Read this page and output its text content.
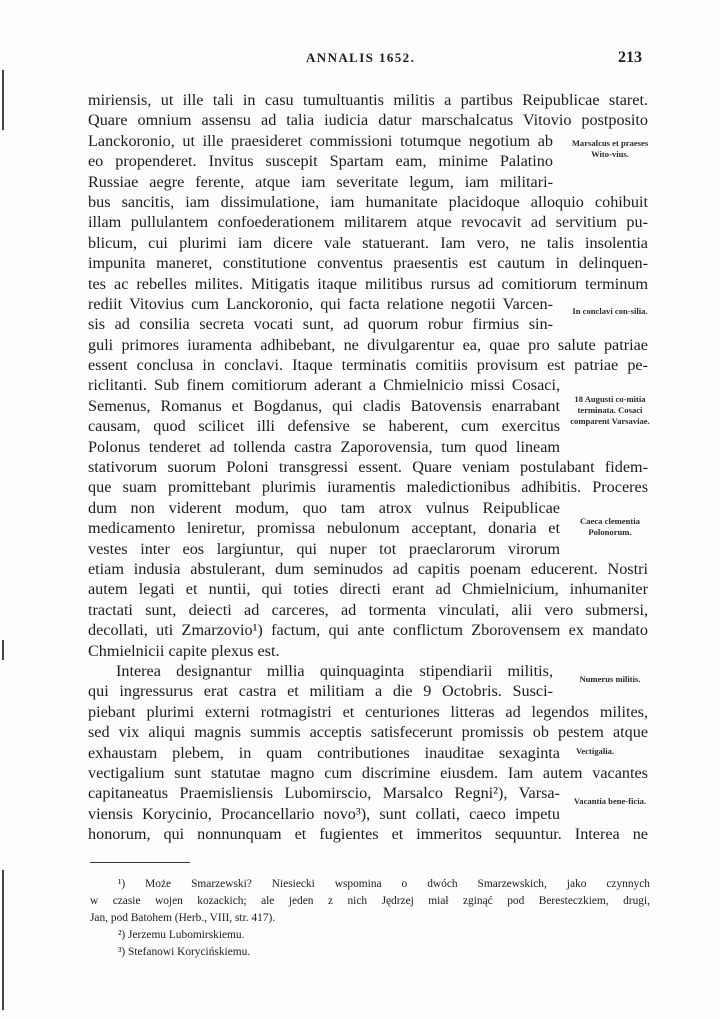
ANNALIS 1652.	213
miriensis, ut ille tali in casu tumultuantis militis a partibus Reipublicae staret.
Quare omnium assensu ad talia iudicia datur marschalcatus Vitovio postposito
Lanckoronio, ut ille praesideret commissioni totumque negotium ab
eo propenderet. Invitus suscepit Spartam eam, minime Palatino
Russiae aegre ferente, atque iam severitate legum, iam militari-
bus sancitis, iam dissimulatione, iam humanitate placidoque alloquio cohibuit
illam pullulantem confoederationem militarem atque revocavit ad servitium pu-
blicum, cui plurimi iam dicere vale statuerant. Iam vero, ne talis insolentia
impunita maneret, constitutione conventus praesentis est cautum in delinquen-
tes ac rebelles milites. Mitigatis itaque militibus rursus ad comitiorum terminum
rediit Vitovius cum Lanckoronio, qui facta relatione negotii Varcen-
sis ad consilia secreta vocati sunt, ad quorum robur firmius sin-
guli primores iuramenta adhibebant, ne divulgarentur ea, quae pro salute patriae
essent conclusa in conclavi. Itaque terminatis comitiis provisum est patriae pe-
riclitanti. Sub finem comitiorum aderant a Chmielnicio missi Cosaci,
Semenus, Romanus et Bogdanus, qui cladis Batovensis enarrabant
causam, quod scilicet illi defensive se haberent, cum exercitus
Polonus tenderet ad tollenda castra Zaporovensia, tum quod lineam
stativorum suorum Poloni transgressi essent. Quare veniam postulabant fidem-
que suam promittebant plurimis iuramentis maledictionibus adhibitis. Proceres
dum non viderent modum, quo tam atrox vulnus Reipublicae
medicamento leniretur, promissa nebulonum acceptant, donaria et
vestes inter eos largiuntur, qui nuper tot praeclarorum virorum
etiam indusia abstulerant, dum seminudos ad capitis poenam educerent. Nostri
autem legati et nuntii, qui toties directi erant ad Chmielnicium, inhumaniter
tractati sunt, deiecti ad carceres, ad tormenta vinculati, alii vero submersi,
decollati, uti Zmarzovio¹) factum, qui ante conflictum Zborovensem ex mandato
Chmielnicii capite plexus est.
Interea designantur millia quinquaginta stipendiarii militis,
qui ingressurus erat castra et militiam a die 9 Octobris. Susci-
piebant plurimi externi rotmagistri et centuriones litteras ad legendos milites,
sed vix aliqui magnis summis acceptis satisfecerunt promissis ob pestem atque
exhaustam plebem, in quam contributiones inauditae sexaginta
vectigalium sunt statutae magno cum discrimine eiusdem. Iam autem vacantes
capitaneatus Praemisliensis Lubomirscio, Marsalco Regni²), Varsa-
viensis Korycinio, Procancellario novo³), sunt collati, caeco impetu
honorum, qui nonnunquam et fugientes et immeritos sequuntur. Interea ne
Marsalcus et praeses Wito-vius.
In conclavi con-silia.
18 Augusti co-mitia terminata. Cosaci comparent Varsaviae.
Caeca clementia Polonorum.
Numerus militis.
Vectigalia.
Vacantia bene-ficia.
¹) Może Smarzewski? Niesiecki wspomina o dwóch Smarzewskich, jako czynnych
w czasie wojen kozackich; ale jeden z nich Jędrzej miał zginąć pod Beresteczkiem, drugi,
Jan, pod Batohem (Herb., VIII, str. 417).
²) Jerzemu Lubomirskiemu.
³) Stefanowi Korycińskiemu.
